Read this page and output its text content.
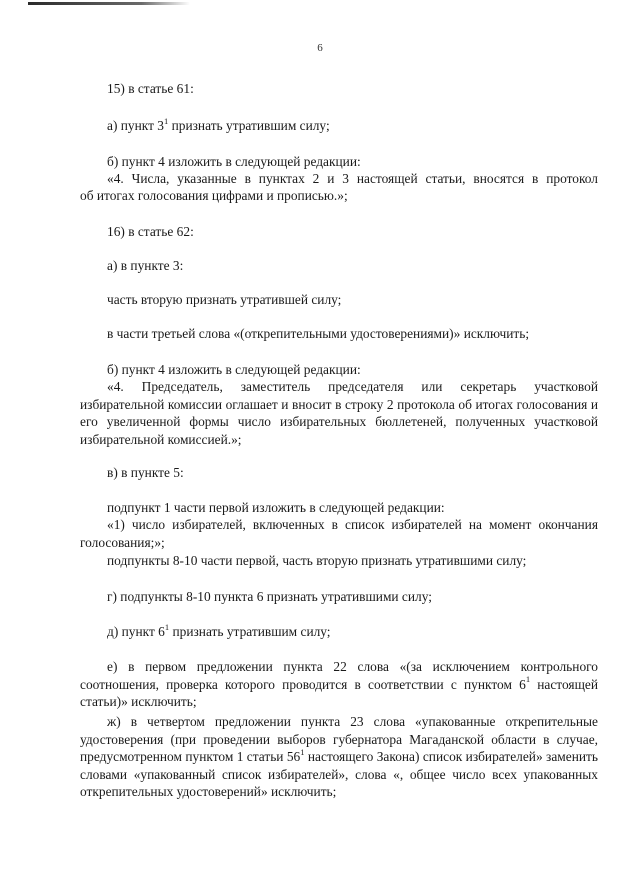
6
15) в статье 61:
а) пункт $3^1$ признать утратившим силу;
б) пункт 4 изложить в следующей редакции:
«4. Числа, указанные в пунктах 2 и 3 настоящей статьи, вносятся в протокол
об итогах голосования цифрами и прописью.»;
16) в статье 62:
а) в пункте 3:
часть вторую признать утратившей силу;
в части третьей слова «(открепительными удостоверениями)» исключить;
б) пункт 4 изложить в следующей редакции:
«4. Председатель, заместитель председателя или секретарь участковой избирательной комиссии оглашает и вносит в строку 2 протокола об итогах голосования и его увеличенной формы число избирательных бюллетеней, полученных участковой избирательной комиссией.»;
в) в пункте 5:
подпункт 1 части первой изложить в следующей редакции:
«1) число избирателей, включенных в список избирателей на момент окончания голосования;»;
подпункты 8-10 части первой, часть вторую признать утратившими силу;
г) подпункты 8-10 пункта 6 признать утратившими силу;
д) пункт $6^1$ признать утратившим силу;
е) в первом предложении пункта 22 слова «(за исключением контрольного соотношения, проверка которого проводится в соответствии с пунктом $6^1$ настоящей статьи)» исключить;
ж) в четвертом предложении пункта 23 слова «упакованные открепительные удостоверения (при проведении выборов губернатора Магаданской области в случае, предусмотренном пунктом 1 статьи $56^1$ настоящего Закона) список избирателей» заменить словами «упакованный список избирателей», слова «, общее число всех упакованных открепительных удостоверений» исключить;
